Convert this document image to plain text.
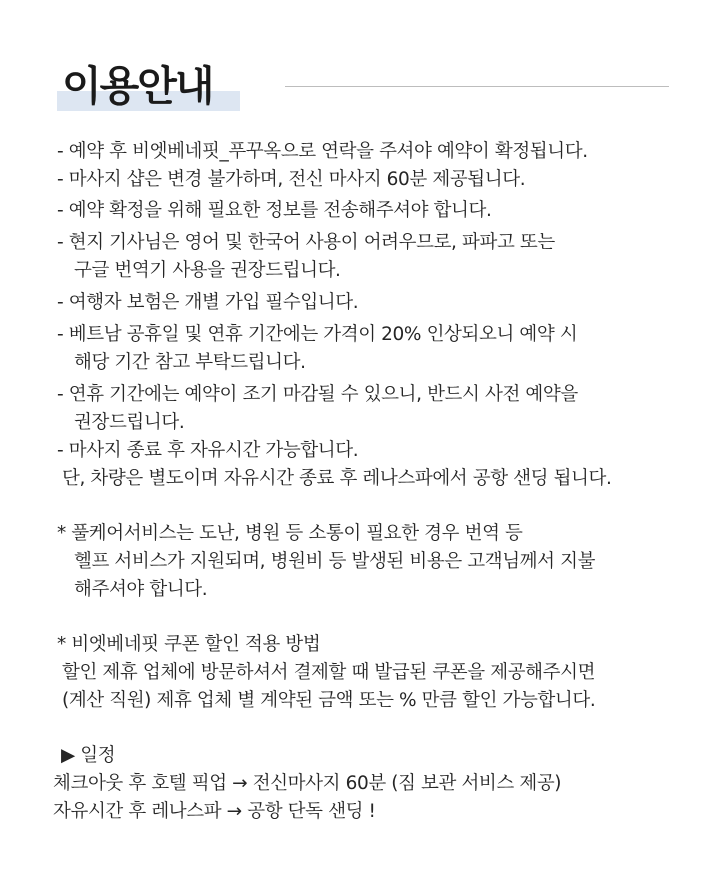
이용안내
- 예약 후 비엣베네핏_푸꾸옥으로 연락을 주셔야 예약이 확정됩니다.
- 마사지 샵은 변경 불가하며, 전신 마사지 60분 제공됩니다.
- 예약 확정을 위해 필요한 정보를 전송해주셔야 합니다.
- 현지 기사님은 영어 및 한국어 사용이 어려우므로, 파파고 또는
구글 번역기 사용을 권장드립니다.
- 여행자 보험은 개별 가입 필수입니다.
- 베트남 공휴일 및 연휴 기간에는 가격이 20% 인상되오니 예약 시
해당 기간 참고 부탁드립니다.
- 연휴 기간에는 예약이 조기 마감될 수 있으니, 반드시 사전 예약을
권장드립니다.
- 마사지 종료 후 자유시간 가능합니다.
단, 차량은 별도이며 자유시간 종료 후 레나스파에서 공항 샌딩 됩니다.
* 풀케어서비스는 도난, 병원 등 소통이 필요한 경우 번역 등
헬프 서비스가 지원되며, 병원비 등 발생된 비용은 고객님께서 지불
해주셔야 합니다.
* 비엣베네핏 쿠폰 할인 적용 방법
할인 제휴 업체에 방문하셔서 결제할 때 발급된 쿠폰을 제공해주시면
(계산 직원) 제휴 업체 별 계약된 금액 또는 % 만큼 할인 가능합니다.
▶ 일정
체크아웃 후 호텔 픽업 → 전신마사지 60분 (짐 보관 서비스 제공)
자유시간 후 레나스파 → 공항 단독 샌딩 !
